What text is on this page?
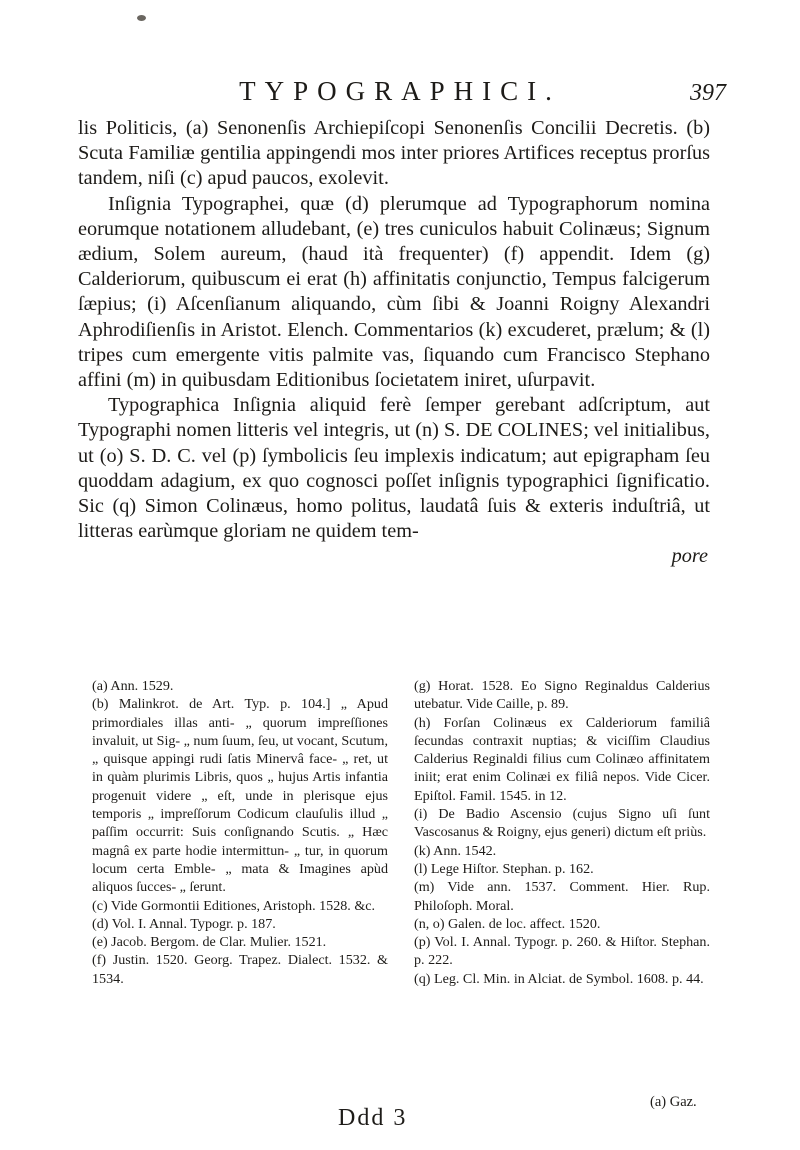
TYPOGRAPHICI.	397

lis Politicis, (a) Senonenſis Archiepiſcopi Senonenſis Concilii Decretis. (b) Scuta Familiæ gentilia appingendi mos inter priores Artifices receptus prorſus tandem, niſi (c) apud paucos, exolevit.

Inſignia Typographei, quæ (d) plerumque ad Typographorum nomina eorumque notationem alludebant, (e) tres cuniculos habuit Colinæus; Signum ædium, Solem aureum, (haud ità frequenter) (f) appendit. Idem (g) Calderiorum, quibuscum ei erat (h) affinitatis conjunctio, Tempus falcigerum ſæpius; (i) Aſcenſianum aliquando, cùm ſibi & Joanni Roigny Alexandri Aphrodiſienſis in Aristot. Elench. Commentarios (k) excuderet, prælum; & (l) tripes cum emergente vitis palmite vas, ſiquando cum Francisco Stephano affini (m) in quibusdam Editionibus ſocietatem iniret, uſurpavit.

Typographica Inſignia aliquid ferè ſemper gerebant adſcriptum, aut Typographi nomen litteris vel integris, ut (n) S. DE COLINES; vel initialibus, ut (o) S. D. C. vel (p) ſymbolicis ſeu implexis indicatum; aut epigrapham ſeu quoddam adagium, ex quo cognosci poſſet inſignis typographici ſignificatio. Sic (q) Simon Colinæus, homo politus, laudatâ ſuis & exteris induſtriâ, ut litteras earùmque gloriam ne quidem tem-

pore

(a) Ann. 1529.

(b) Malinkrot. de Art. Typ. p. 104.] „ Apud primordiales illas anti- „ quorum impreſſiones invaluit, ut Sig- „ num ſuum, ſeu, ut vocant, Scutum, „ quisque appingi rudi ſatis Minervâ face- „ ret, ut in quàm plurimis Libris, quos „ hujus Artis infantia progenuit videre „ eſt, unde in plerisque ejus temporis „ impreſſorum Codicum clauſulis illud „ paſſim occurrit: Suis conſignando Scutis. „ Hæc magnâ ex parte hodie intermittun- „ tur, in quorum locum certa Emble- „ mata & Imagines apùd aliquos ſucces- „ ſerunt.

(c) Vide Gormontii Editiones, Aristoph. 1528. &c.

(d) Vol. I. Annal. Typogr. p. 187.

(e) Jacob. Bergom. de Clar. Mulier. 1521.

(f) Justin. 1520. Georg. Trapez. Dialect. 1532. & 1534.

(g) Horat. 1528. Eo Signo Reginaldus Calderius utebatur. Vide Caille, p. 89.

(h) Forſan Colinæus ex Calderiorum familiâ ſecundas contraxit nuptias; & viciſſim Claudius Calderius Reginaldi filius cum Colinæo affinitatem iniit; erat enim Colinæi ex filiâ nepos. Vide Cicer. Epiſtol. Famil. 1545. in 12.

(i) De Badio Ascensio (cujus Signo uſi ſunt Vascosanus & Roigny, ejus generi) dictum eſt priùs.

(k) Ann. 1542.

(l) Lege Hiſtor. Stephan. p. 162.

(m) Vide ann. 1537. Comment. Hier. Rup. Philoſoph. Moral.

(n, o) Galen. de loc. affect. 1520.

(p) Vol. I. Annal. Typogr. p. 260. & Hiſtor. Stephan. p. 222.

(q) Leg. Cl. Min. in Alciat. de Symbol. 1608. p. 44.

Ddd 3
(a) Gaz.
